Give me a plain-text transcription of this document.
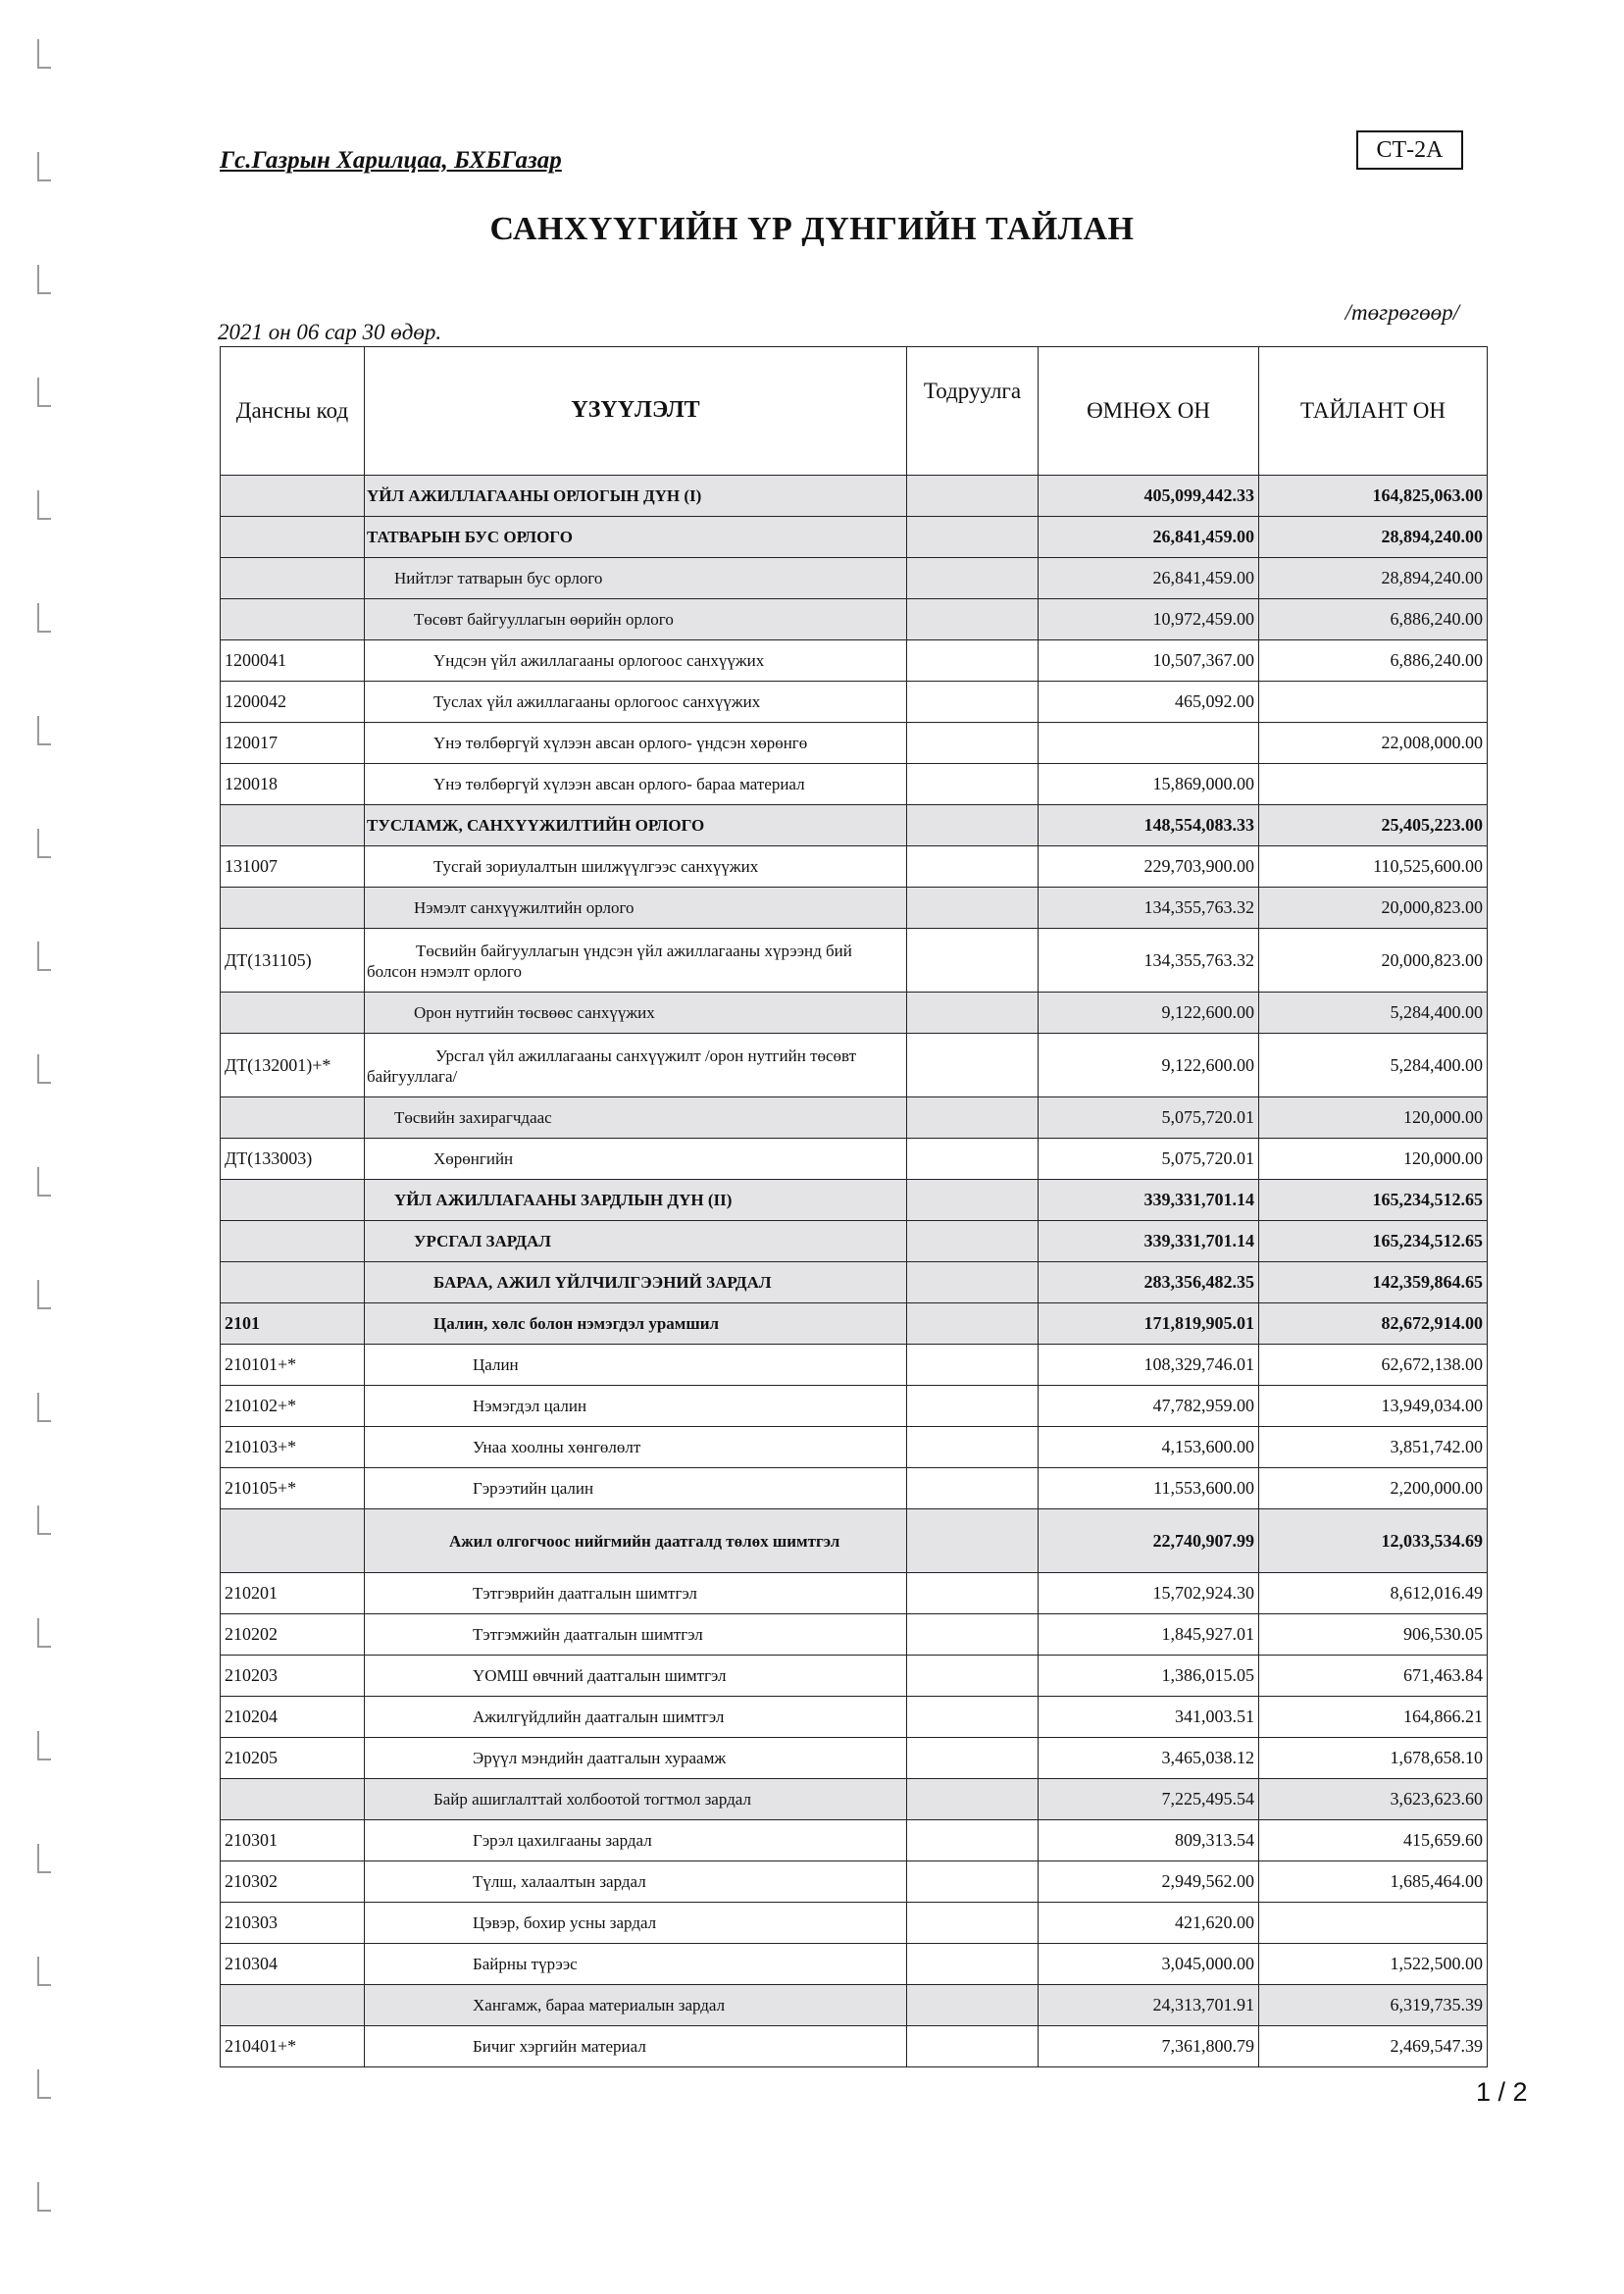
Гс.Газрын Харилцаа, БХБГазар	СТ-2А
САНХҮҮГИЙН ҮР ДҮНГИЙН ТАЙЛАН
2021 он 06 сар 30 өдөр.
/төгрөгөөр/
Дансны код	ҮЗҮҮЛЭЛТ	Тодруулга	ӨМНӨХ ОН	ТАЙЛАНТ ОН
	ҮЙЛ АЖИЛЛАГААНЫ ОРЛОГЫН ДҮН (I)		405,099,442.33	164,825,063.00
	ТАТВАРЫН БУС ОРЛОГО		26,841,459.00	28,894,240.00
	Нийтлэг татварын бус орлого		26,841,459.00	28,894,240.00
	Төсөвт байгууллагын өөрийн орлого		10,972,459.00	6,886,240.00
1200041	Үндсэн үйл ажиллагааны орлогоос санхүүжих		10,507,367.00	6,886,240.00
1200042	Туслах үйл ажиллагааны орлогоос санхүүжих		465,092.00	
120017	Үнэ төлбөргүй хүлээн авсан орлого- үндсэн хөрөнгө			22,008,000.00
120018	Үнэ төлбөргүй хүлээн авсан орлого- бараа материал		15,869,000.00	
	ТУСЛАМЖ, САНХҮҮЖИЛТИЙН ОРЛОГО		148,554,083.33	25,405,223.00
131007	Тусгай зориулалтын шилжүүлгээс санхүүжих		229,703,900.00	110,525,600.00
	Нэмэлт санхүүжилтийн орлого		134,355,763.32	20,000,823.00
ДТ(131105)	Төсвийн байгууллагын үндсэн үйл ажиллагааны хүрээнд бий болсон нэмэлт орлого		134,355,763.32	20,000,823.00
	Орон нутгийн төсвөөс санхүүжих		9,122,600.00	5,284,400.00
ДТ(132001)+*	Урсгал үйл ажиллагааны санхүүжилт /орон нутгийн төсөвт байгууллага/		9,122,600.00	5,284,400.00
	Төсвийн захирагчдаас		5,075,720.01	120,000.00
ДТ(133003)	Хөрөнгийн		5,075,720.01	120,000.00
	ҮЙЛ АЖИЛЛАГААНЫ ЗАРДЛЫН ДҮН (II)		339,331,701.14	165,234,512.65
	УРСГАЛ ЗАРДАЛ		339,331,701.14	165,234,512.65
	БАРАА, АЖИЛ ҮЙЛЧИЛГЭЭНИЙ ЗАРДАЛ		283,356,482.35	142,359,864.65
2101	Цалин, хөлс болон нэмэгдэл урамшил		171,819,905.01	82,672,914.00
210101+*	Цалин		108,329,746.01	62,672,138.00
210102+*	Нэмэгдэл цалин		47,782,959.00	13,949,034.00
210103+*	Унаа хоолны хөнгөлөлт		4,153,600.00	3,851,742.00
210105+*	Гэрээтийн цалин		11,553,600.00	2,200,000.00
	Ажил олгогчоос нийгмийн даатгалд төлөх шимтгэл		22,740,907.99	12,033,534.69
210201	Тэтгэврийн даатгалын шимтгэл		15,702,924.30	8,612,016.49
210202	Тэтгэмжийн даатгалын шимтгэл		1,845,927.01	906,530.05
210203	ҮОМШ өвчний даатгалын шимтгэл		1,386,015.05	671,463.84
210204	Ажилгүйдлийн даатгалын шимтгэл		341,003.51	164,866.21
210205	Эрүүл мэндийн даатгалын хураамж		3,465,038.12	1,678,658.10
	Байр ашиглалттай холбоотой тогтмол зардал		7,225,495.54	3,623,623.60
210301	Гэрэл цахилгааны зардал		809,313.54	415,659.60
210302	Түлш, халаалтын зардал		2,949,562.00	1,685,464.00
210303	Цэвэр, бохир усны зардал		421,620.00	
210304	Байрны түрээс		3,045,000.00	1,522,500.00
	Хангамж, бараа материалын зардал		24,313,701.91	6,319,735.39
210401+*	Бичиг хэргийн материал		7,361,800.79	2,469,547.39
1 / 2
